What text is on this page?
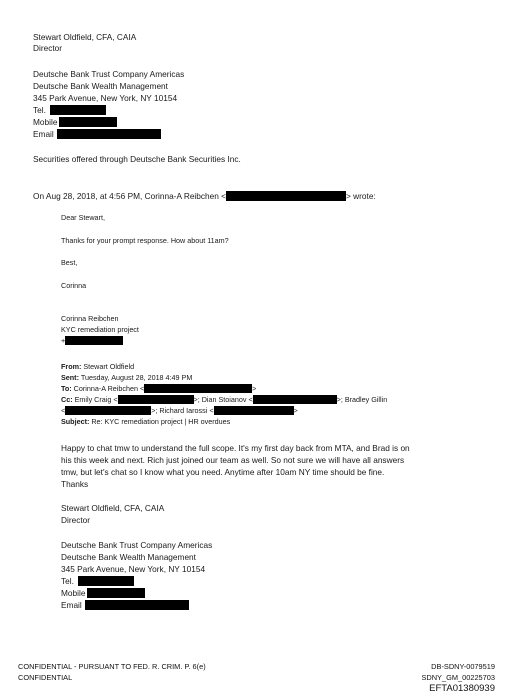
Stewart Oldfield, CFA, CAIA
Director
Deutsche Bank Trust Company Americas
Deutsche Bank Wealth Management
345 Park Avenue, New York, NY 10154
Tel.
Mobile
Email
Securities offered through Deutsche Bank Securities Inc.
On Aug 28, 2018, at 4:56 PM, Corinna-A Reibchen <	> wrote:
Dear Stewart,
Thanks for your prompt response. How about 11am?
Best,
Corinna
Corinna Reibchen
KYC remediation project
+
From: Stewart Oldfield
Sent: Tuesday, August 28, 2018 4:49 PM
To: Corinna-A Reibchen <	>
Cc: Emily Craig <	>; Dian Stoianov <	>; Bradley Gillin
<	>; Richard Iarossi <	>
Subject: Re: KYC remediation project | HR overdues
Happy to chat tmw to understand the full scope. It's my first day back from MTA, and Brad is on
his this week and next. Rich just joined our team as well. So not sure we will have all answers
tmw, but let's chat so I know what you need. Anytime after 10am NY time should be fine.
Thanks
Stewart Oldfield, CFA, CAIA
Director
Deutsche Bank Trust Company Americas
Deutsche Bank Wealth Management
345 Park Avenue, New York, NY 10154
Tel.
Mobile
Email
CONFIDENTIAL - PURSUANT TO FED. R. CRIM. P. 6(e)
CONFIDENTIAL
DB-SDNY-0079519
SDNY_GM_00225703
EFTA01380939
